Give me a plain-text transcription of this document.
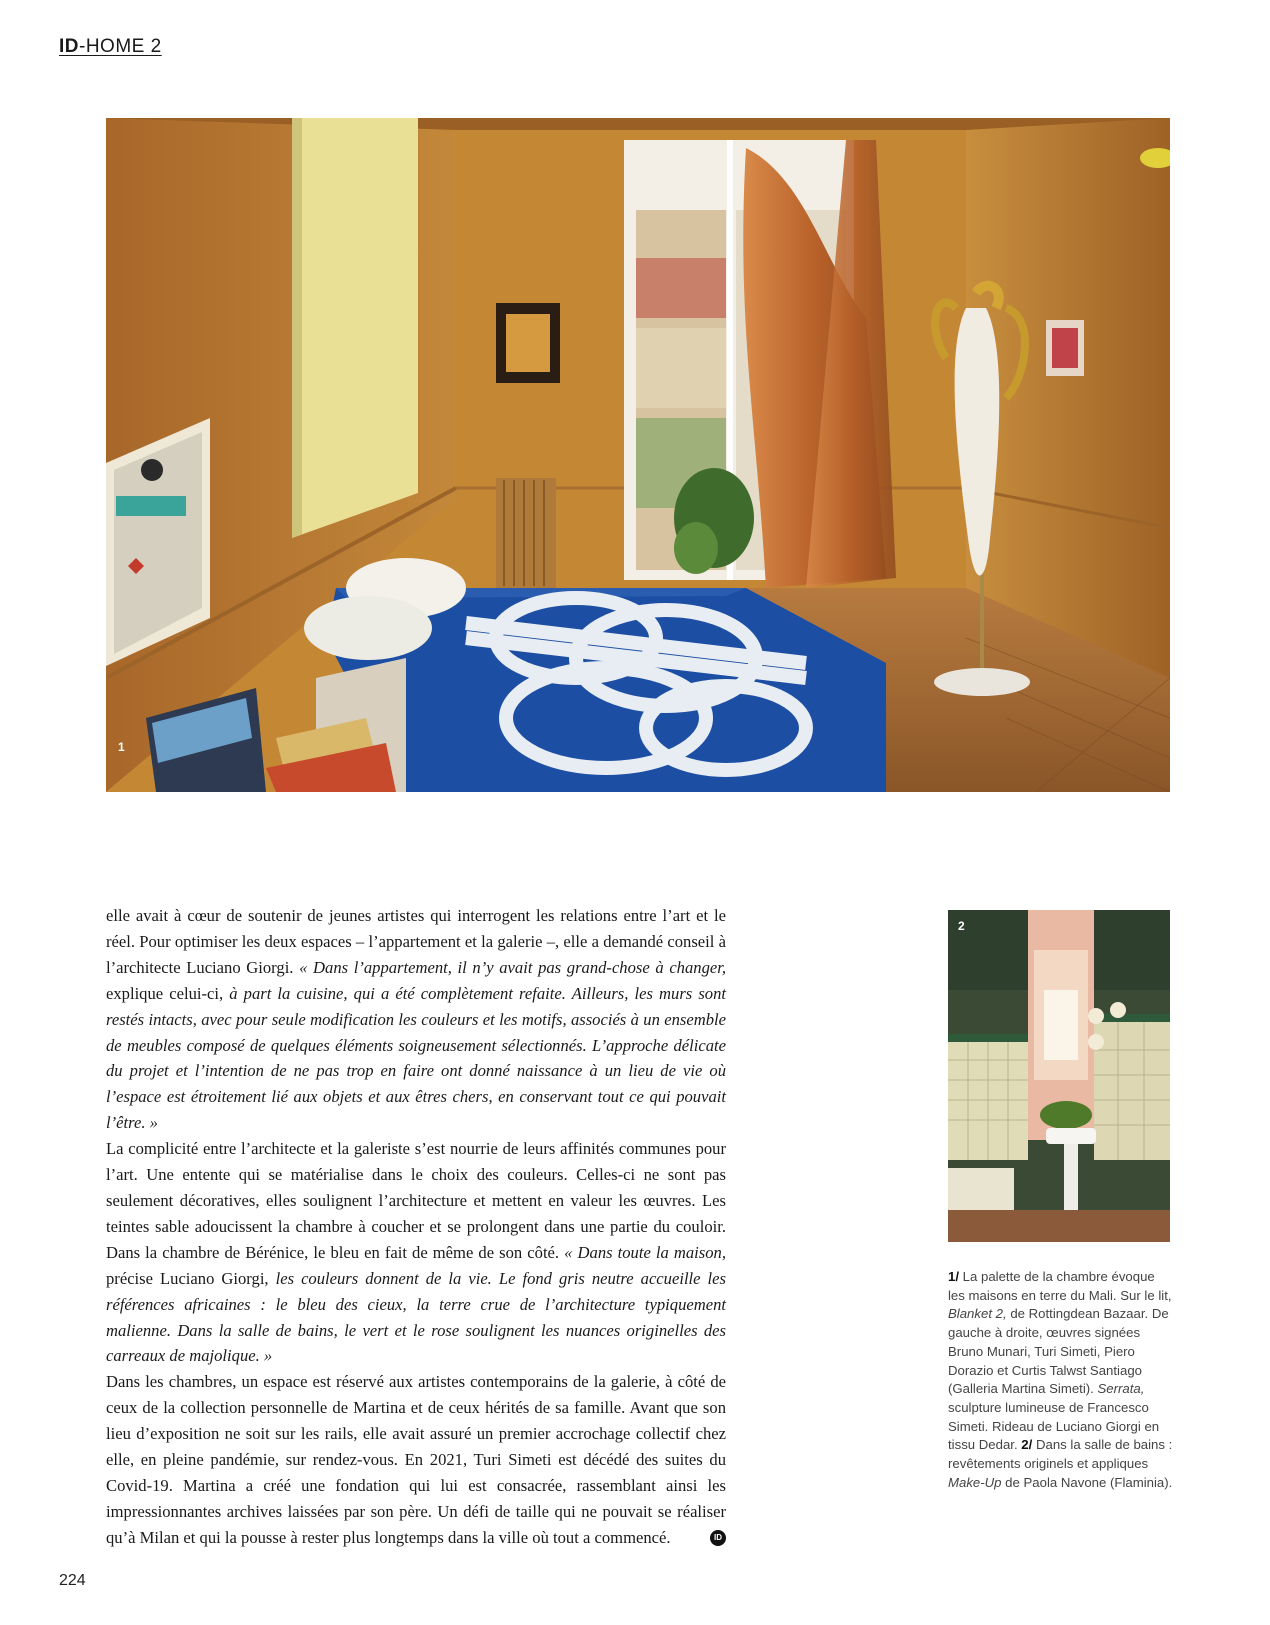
ID-HOME 2
1

elle avait à cœur de soutenir de jeunes artistes qui interrogent les relations entre l’art et le réel. Pour optimiser les deux espaces – l’appartement et la galerie –, elle a demandé conseil à l’architecte Luciano Giorgi. « Dans l’appartement, il n’y avait pas grand-chose à changer, explique celui-ci, à part la cuisine, qui a été complètement refaite. Ailleurs, les murs sont restés intacts, avec pour seule modification les couleurs et les motifs, associés à un ensemble de meubles composé de quelques éléments soigneusement sélectionnés. L’approche délicate du projet et l’intention de ne pas trop en faire ont donné naissance à un lieu de vie où l’espace est étroitement lié aux objets et aux êtres chers, en conservant tout ce qui pouvait l’être. »

La complicité entre l’architecte et la galeriste s’est nourrie de leurs affinités communes pour l’art. Une entente qui se matérialise dans le choix des couleurs. Celles-ci ne sont pas seulement décoratives, elles soulignent l’architecture et mettent en valeur les œuvres. Les teintes sable adoucissent la chambre à coucher et se prolongent dans une partie du couloir. Dans la chambre de Bérénice, le bleu en fait de même de son côté. « Dans toute la maison, précise Luciano Giorgi, les couleurs donnent de la vie. Le fond gris neutre accueille les références africaines : le bleu des cieux, la terre crue de l’architecture typiquement malienne. Dans la salle de bains, le vert et le rose soulignent les nuances originelles des carreaux de majolique. »

Dans les chambres, un espace est réservé aux artistes contemporains de la galerie, à côté de ceux de la collection personnelle de Martina et de ceux hérités de sa famille. Avant que son lieu d’exposition ne soit sur les rails, elle avait assuré un premier accrochage collectif chez elle, en pleine pandémie, sur rendez-vous. En 2021, Turi Simeti est décédé des suites du Covid-19. Martina a créé une fondation qui lui est consacrée, rassemblant ainsi les impressionnantes archives laissées par son père. Un défi de taille qui ne pouvait se réaliser qu’à Milan et qui la pousse à rester plus longtemps dans la ville où tout a commencé.	ID

2

1/ La palette de la chambre évoque les maisons en terre du Mali. Sur le lit, Blanket 2, de Rottingdean Bazaar. De gauche à droite, œuvres signées Bruno Munari, Turi Simeti, Piero Dorazio et Curtis Talwst Santiago (Galleria Martina Simeti). Serrata, sculpture lumineuse de Francesco Simeti. Rideau de Luciano Giorgi en tissu Dedar. 2/ Dans la salle de bains : revêtements originels et appliques Make-Up de Paola Navone (Flaminia).

224
